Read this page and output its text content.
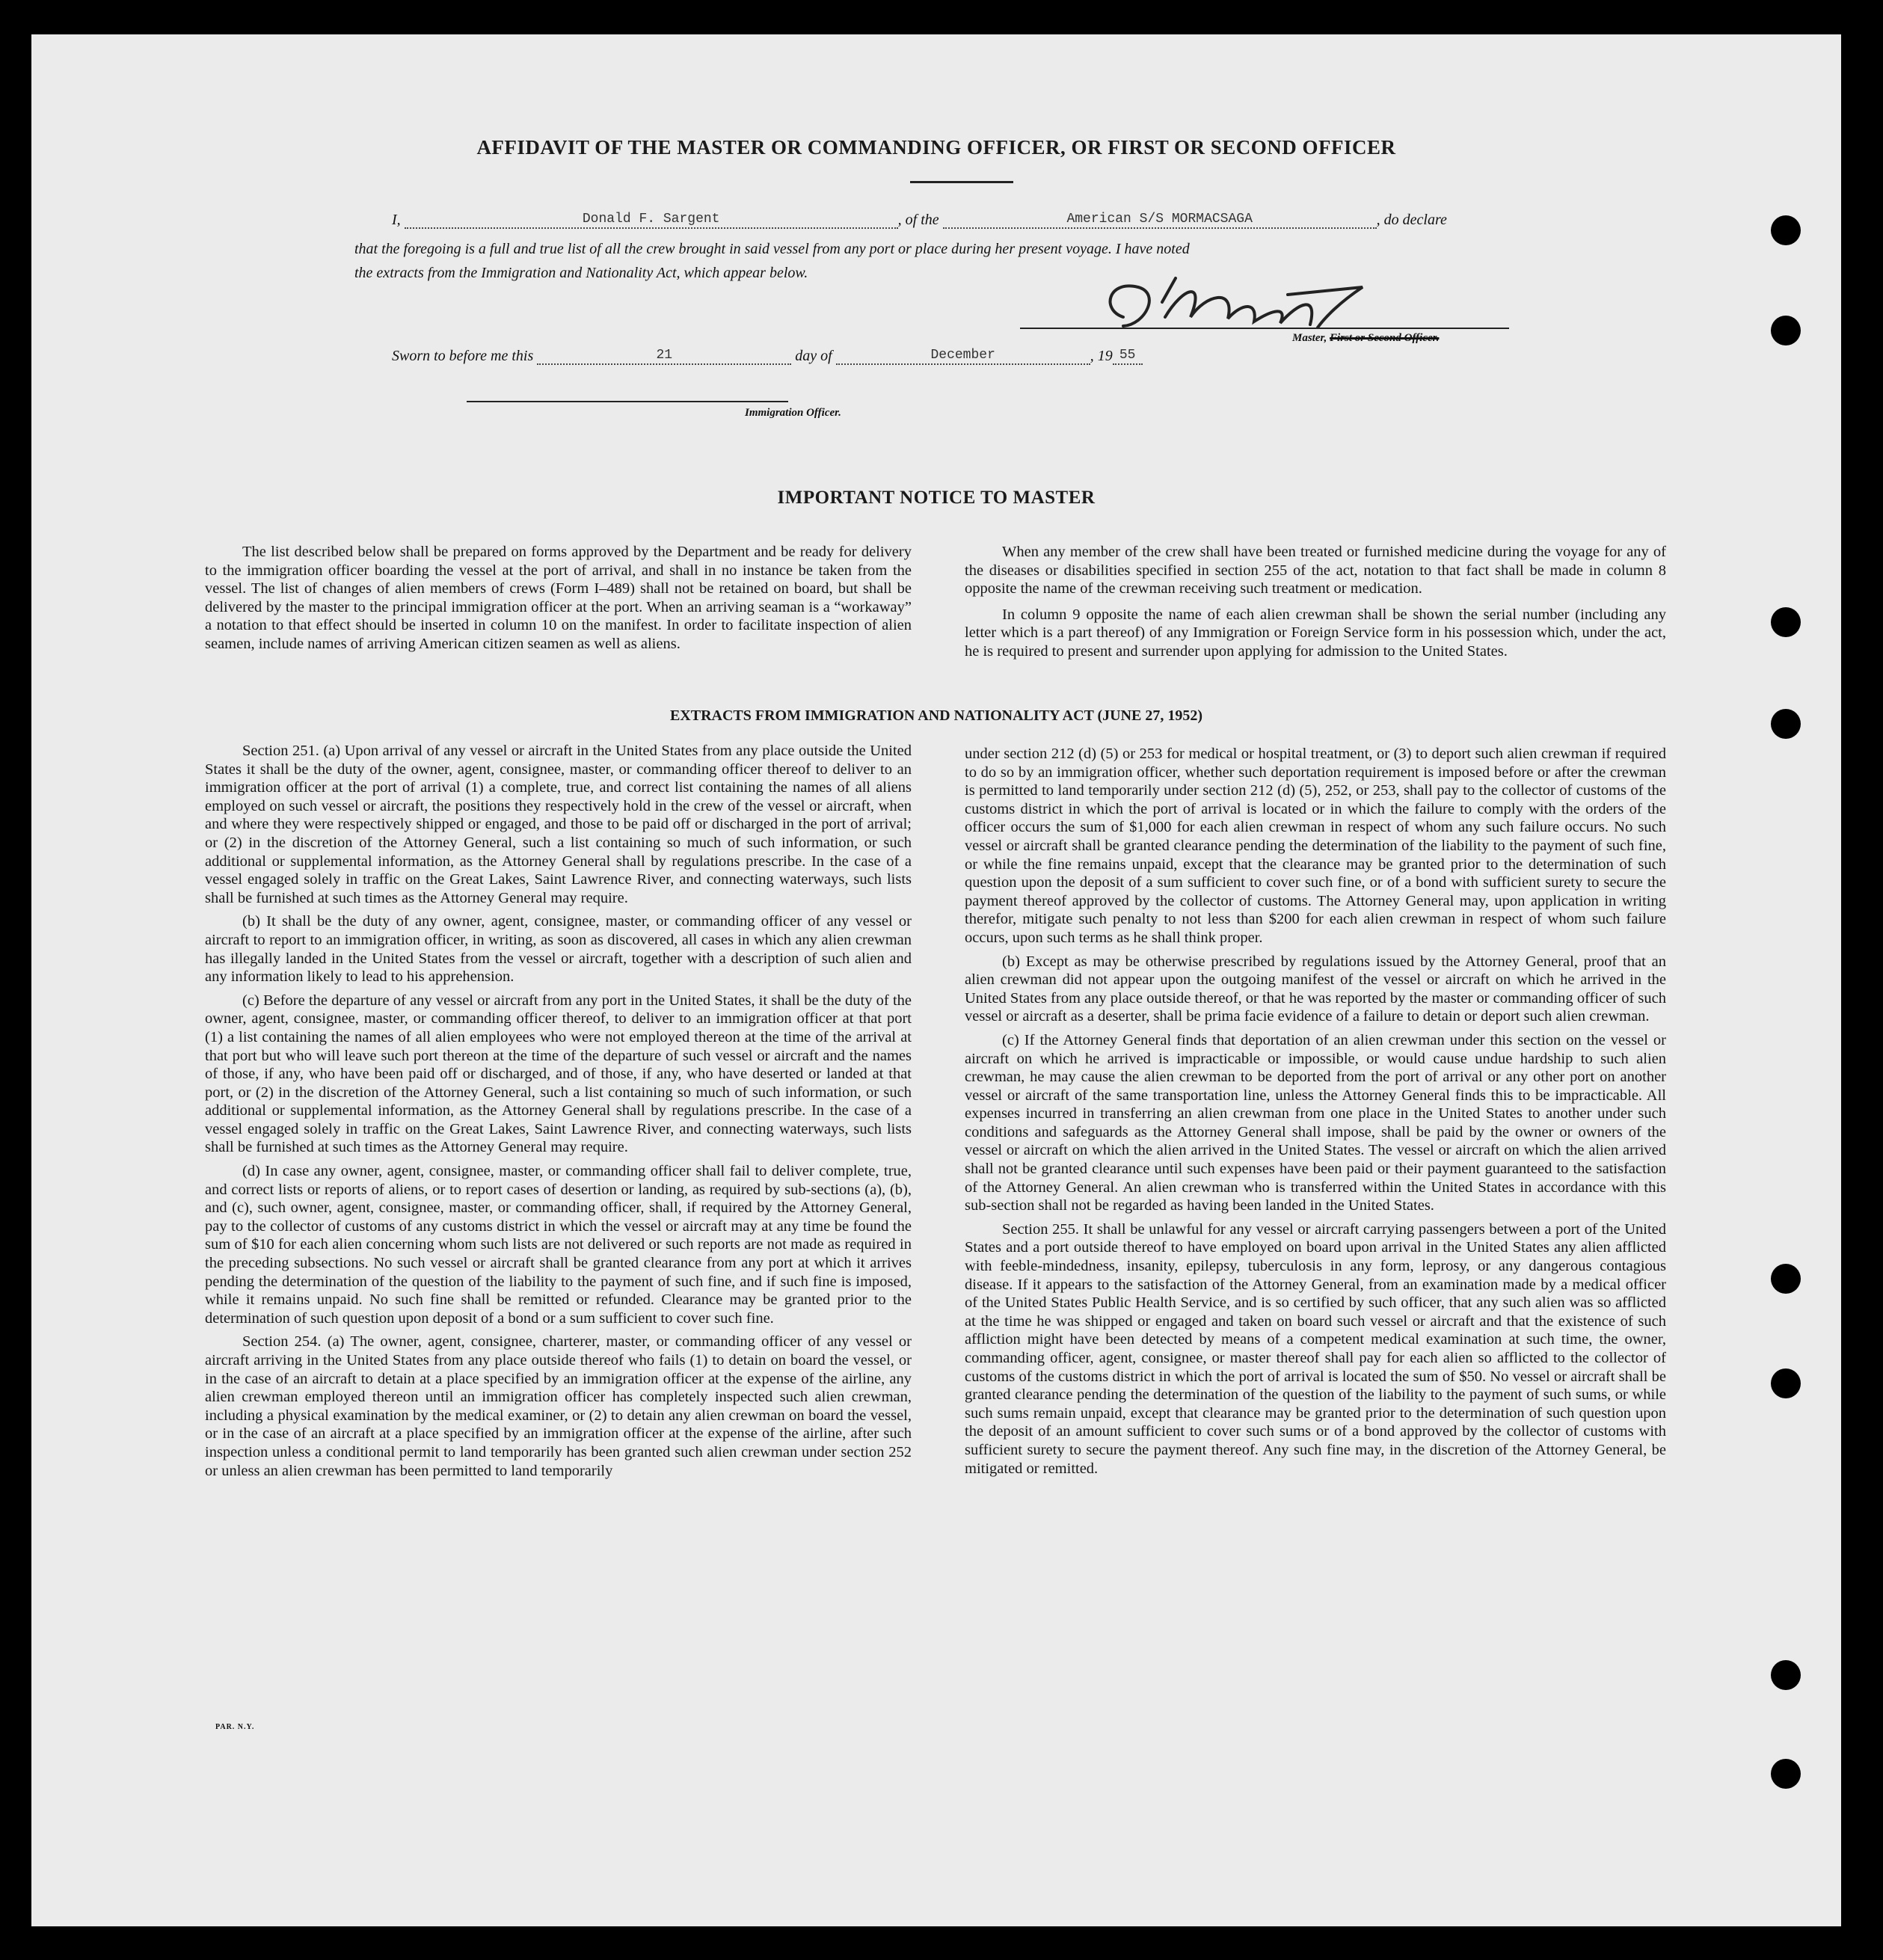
AFFIDAVIT OF THE MASTER OR COMMANDING OFFICER, OR FIRST OR SECOND OFFICER
I,	Donald F. Sargent	, of the	American S/S MORMACSAGA	, do declare
that the foregoing is a full and true list of all the crew brought in said vessel from any port or place during her present voyage. I have noted
the extracts from the Immigration and Nationality Act, which appear below.
Master, First or Second Officer.
Sworn to before me this	21	day of	December	, 19 55
Immigration Officer.
IMPORTANT NOTICE TO MASTER

The list described below shall be prepared on forms approved by the Department and be ready for delivery to the immigration officer boarding the vessel at the port of arrival, and shall in no instance be taken from the vessel. The list of changes of alien members of crews (Form I–489) shall not be retained on board, but shall be delivered by the master to the principal immigration officer at the port. When an arriving seaman is a “workaway” a notation to that effect should be inserted in column 10 on the manifest. In order to facilitate inspection of alien seamen, include names of arriving American citizen seamen as well as aliens.

When any member of the crew shall have been treated or furnished medicine during the voyage for any of the diseases or disabilities specified in section 255 of the act, notation to that fact shall be made in column 8 opposite the name of the crewman receiving such treatment or medication.

In column 9 opposite the name of each alien crewman shall be shown the serial number (including any letter which is a part thereof) of any Immigration or Foreign Service form in his possession which, under the act, he is required to present and surrender upon applying for admission to the United States.

EXTRACTS FROM IMMIGRATION AND NATIONALITY ACT (JUNE 27, 1952)

Section 251. (a) Upon arrival of any vessel or aircraft in the United States from any place outside the United States it shall be the duty of the owner, agent, consignee, master, or commanding officer thereof to deliver to an immigration officer at the port of arrival (1) a complete, true, and correct list containing the names of all aliens employed on such vessel or aircraft, the positions they respectively hold in the crew of the vessel or aircraft, when and where they were respectively shipped or engaged, and those to be paid off or discharged in the port of arrival; or (2) in the discretion of the Attorney General, such a list containing so much of such information, or such additional or supplemental information, as the Attorney General shall by regulations prescribe. In the case of a vessel engaged solely in traffic on the Great Lakes, Saint Lawrence River, and connecting waterways, such lists shall be furnished at such times as the Attorney General may require.

(b) It shall be the duty of any owner, agent, consignee, master, or commanding officer of any vessel or aircraft to report to an immigration officer, in writing, as soon as discovered, all cases in which any alien crewman has illegally landed in the United States from the vessel or aircraft, together with a description of such alien and any information likely to lead to his apprehension.

(c) Before the departure of any vessel or aircraft from any port in the United States, it shall be the duty of the owner, agent, consignee, master, or commanding officer thereof, to deliver to an immigration officer at that port (1) a list containing the names of all alien employees who were not employed thereon at the time of the arrival at that port but who will leave such port thereon at the time of the departure of such vessel or aircraft and the names of those, if any, who have been paid off or discharged, and of those, if any, who have deserted or landed at that port, or (2) in the discretion of the Attorney General, such a list containing so much of such information, or such additional or supplemental information, as the Attorney General shall by regulations prescribe. In the case of a vessel engaged solely in traffic on the Great Lakes, Saint Lawrence River, and connecting waterways, such lists shall be furnished at such times as the Attorney General may require.

(d) In case any owner, agent, consignee, master, or commanding officer shall fail to deliver complete, true, and correct lists or reports of aliens, or to report cases of desertion or landing, as required by sub-sections (a), (b), and (c), such owner, agent, consignee, master, or commanding officer, shall, if required by the Attorney General, pay to the collector of customs of any customs district in which the vessel or aircraft may at any time be found the sum of $10 for each alien concerning whom such lists are not delivered or such reports are not made as required in the preceding subsections. No such vessel or aircraft shall be granted clearance from any port at which it arrives pending the determination of the question of the liability to the payment of such fine, and if such fine is imposed, while it remains unpaid. No such fine shall be remitted or refunded. Clearance may be granted prior to the determination of such question upon deposit of a bond or a sum sufficient to cover such fine.

Section 254. (a) The owner, agent, consignee, charterer, master, or commanding officer of any vessel or aircraft arriving in the United States from any place outside thereof who fails (1) to detain on board the vessel, or in the case of an aircraft to detain at a place specified by an immigration officer at the expense of the airline, any alien crewman employed thereon until an immigration officer has completely inspected such alien crewman, including a physical examination by the medical examiner, or (2) to detain any alien crewman on board the vessel, or in the case of an aircraft at a place specified by an immigration officer at the expense of the airline, after such inspection unless a conditional permit to land temporarily has been granted such alien crewman under section 252 or unless an alien crewman has been permitted to land temporarily

under section 212 (d) (5) or 253 for medical or hospital treatment, or (3) to deport such alien crewman if required to do so by an immigration officer, whether such deportation requirement is imposed before or after the crewman is permitted to land temporarily under section 212 (d) (5), 252, or 253, shall pay to the collector of customs of the customs district in which the port of arrival is located or in which the failure to comply with the orders of the officer occurs the sum of $1,000 for each alien crewman in respect of whom any such failure occurs. No such vessel or aircraft shall be granted clearance pending the determination of the liability to the payment of such fine, or while the fine remains unpaid, except that the clearance may be granted prior to the determination of such question upon the deposit of a sum sufficient to cover such fine, or of a bond with sufficient surety to secure the payment thereof approved by the collector of customs. The Attorney General may, upon application in writing therefor, mitigate such penalty to not less than $200 for each alien crewman in respect of whom such failure occurs, upon such terms as he shall think proper.

(b) Except as may be otherwise prescribed by regulations issued by the Attorney General, proof that an alien crewman did not appear upon the outgoing manifest of the vessel or aircraft on which he arrived in the United States from any place outside thereof, or that he was reported by the master or commanding officer of such vessel or aircraft as a deserter, shall be prima facie evidence of a failure to detain or deport such alien crewman.

(c) If the Attorney General finds that deportation of an alien crewman under this section on the vessel or aircraft on which he arrived is impracticable or impossible, or would cause undue hardship to such alien crewman, he may cause the alien crewman to be deported from the port of arrival or any other port on another vessel or aircraft of the same transportation line, unless the Attorney General finds this to be impracticable. All expenses incurred in transferring an alien crewman from one place in the United States to another under such conditions and safeguards as the Attorney General shall impose, shall be paid by the owner or owners of the vessel or aircraft on which the alien arrived in the United States. The vessel or aircraft on which the alien arrived shall not be granted clearance until such expenses have been paid or their payment guaranteed to the satisfaction of the Attorney General. An alien crewman who is transferred within the United States in accordance with this sub-section shall not be regarded as having been landed in the United States.

Section 255. It shall be unlawful for any vessel or aircraft carrying passengers between a port of the United States and a port outside thereof to have employed on board upon arrival in the United States any alien afflicted with feeble-mindedness, insanity, epilepsy, tuberculosis in any form, leprosy, or any dangerous contagious disease. If it appears to the satisfaction of the Attorney General, from an examination made by a medical officer of the United States Public Health Service, and is so certified by such officer, that any such alien was so afflicted at the time he was shipped or engaged and taken on board such vessel or aircraft and that the existence of such affliction might have been detected by means of a competent medical examination at such time, the owner, commanding officer, agent, consignee, or master thereof shall pay for each alien so afflicted to the collector of customs of the customs district in which the port of arrival is located the sum of $50. No vessel or aircraft shall be granted clearance pending the determination of the question of the liability to the payment of such sums, or while such sums remain unpaid, except that clearance may be granted prior to the determination of such question upon the deposit of an amount sufficient to cover such sums or of a bond approved by the collector of customs with sufficient surety to secure the payment thereof. Any such fine may, in the discretion of the Attorney General, be mitigated or remitted.

PAR. N.Y.
